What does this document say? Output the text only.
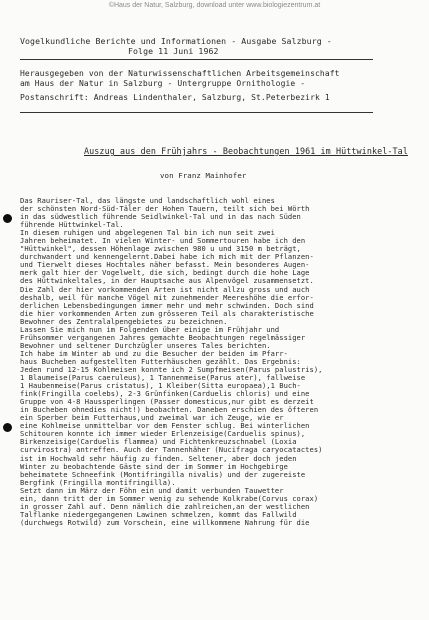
©Haus der Natur, Salzburg, download unter www.biologiezentrum.at
Vogelkundliche Berichte und Informationen - Ausgabe Salzburg -
Folge 11 Juni 1962
Herausgegeben von der Naturwissenschaftlichen Arbeitsgemeinschaft
am Haus der Natur in Salzburg - Untergruppe Ornithologie -
Postanschrift: Andreas Lindenthaler, Salzburg, St.Peterbezirk 1
Auszug aus den Frühjahrs - Beobachtungen 1961 im Hüttwinkel-Tal
von Franz Mainhofer
Das Rauriser-Tal, das längste und landschaftlich wohl eines
der schönsten Nord-Süd-Täler der Hohen Tauern, teilt sich bei Wörth
in das südwestlich führende Seidlwinkel-Tal und in das nach Süden
führende Hüttwinkel-Tal.
In diesem ruhigen und abgelegenen Tal bin ich nun seit zwei
Jahren beheimatet. In vielen Winter- und Sommertouren habe ich den
"Hüttwinkel", dessen Höhenlage zwischen 980 u und 3150 m beträgt,
durchwandert und kennengelernt.Dabei habe ich mich mit der Pflanzen-
und Tierwelt dieses Hochtales näher befasst. Mein besonderes Augen-
merk galt hier der Vogelwelt, die sich, bedingt durch die hohe Lage
des Hüttwinkeltales, in der Hauptsache aus Alpenvögel zusammensetzt.
Die Zahl der hier vorkommenden Arten ist nicht allzu gross und auch
deshalb, weil für manche Vögel mit zunehmender Meereshöhe die erfor-
derlichen Lebensbedingungen immer mehr und mehr schwinden. Doch sind
die hier vorkommenden Arten zum grösseren Teil als charakteristische
Bewohner des Zentralalpengebietes zu bezeichnen.
Lassen Sie mich nun im Folgenden über einige im Frühjahr und
Frühsommer vergangenen Jahres gemachte Beobachtungen regelmässiger
Bewohner und seltener Durchzügler unseres Tales berichten.
Ich habe im Winter ab und zu die Besucher der beiden im Pfarr-
haus Bucheben aufgestellten Futterhäuschen gezählt. Das Ergebnis:
Jeden rund 12-15 Kohlmeisen konnte ich 2 Sumpfmeisen(Parus palustris),
1 Blaumeise(Parus caeruleus), 1 Tannenmeise(Parus ater), fallweise
1 Haubenmeise(Parus cristatus), 1 Kleiber(Sitta europaea),1 Buch-
fink(Fringilla coelebs), 2-3 Grünfinken(Carduelis chloris) und eine
Gruppe von 4-8 Haussperlingen (Passer domesticus,nur gibt es derzeit
in Bucheben ohnedies nicht!) beobachten. Daneben erschien des öfteren
ein Sperber beim Futterhaus,und zweimal war ich Zeuge, wie er
eine Kohlmeise unmittelbar vor dem Fenster schlug. Bei winterlichen
Schitouren konnte ich immer wieder Erlenzeisige(Carduelis spinus),
Birkenzeisige(Carduelis flammea) und Fichtenkreuzschnabel (Loxia
curvirostra) antreffen. Auch der Tannenhäher (Nucifraga caryocatactes)
ist im Hochwald sehr häufig zu finden. Seltener, aber doch jeden
Winter zu beobachtende Gäste sind der im Sommer im Hochgebirge
beheimatete Schneefink (Montifringilla nivalis) und der zugereiste
Bergfink (Fringilla montifringilla).
Setzt dann im März der Föhn ein und damit verbunden Tauwetter
ein, dann tritt der im Sommer wenig zu sehende Kolkrabe(Corvus corax)
in grosser Zahl auf. Denn nämlich die zahlreichen,an der westlichen
Talflanke niedergegangenen Lawinen schmelzen, kommt das Fallwild
(durchwegs Rotwild) zum Vorschein, eine willkommene Nahrung für die
